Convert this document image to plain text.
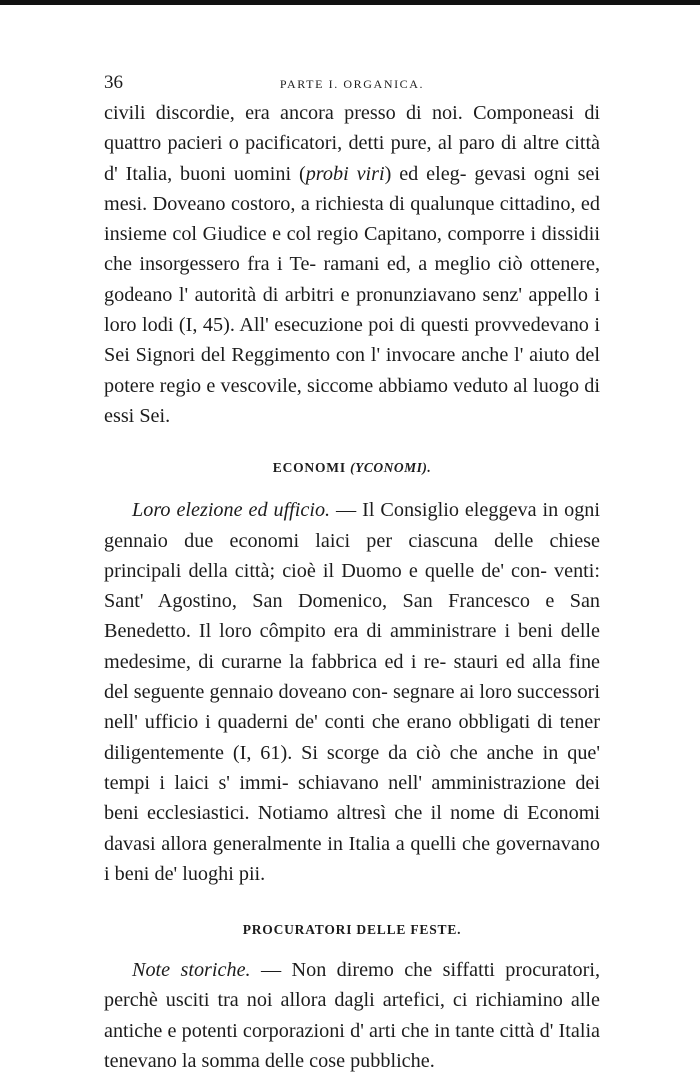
36	PARTE I. ORGANICA.

civili discordie, era ancora presso di noi. Componeasi di quattro pacieri o pacificatori, detti pure, al paro di altre città d' Italia, buoni uomini (probi viri) ed eleg- gevasi ogni sei mesi. Doveano costoro, a richiesta di qualunque cittadino, ed insieme col Giudice e col regio Capitano, comporre i dissidii che insorgessero fra i Te- ramani ed, a meglio ciò ottenere, godeano l' autorità di arbitri e pronunziavano senz' appello i loro lodi (I, 45). All' esecuzione poi di questi provvedevano i Sei Signori del Reggimento con l' invocare anche l' aiuto del potere regio e vescovile, siccome abbiamo veduto al luogo di essi Sei.

ECONOMI (YCONOMI).

Loro elezione ed ufficio. — Il Consiglio eleggeva in ogni gennaio due economi laici per ciascuna delle chiese principali della città; cioè il Duomo e quelle de' con- venti: Sant' Agostino, San Domenico, San Francesco e San Benedetto. Il loro cômpito era di amministrare i beni delle medesime, di curarne la fabbrica ed i re- stauri ed alla fine del seguente gennaio doveano con- segnare ai loro successori nell' ufficio i quaderni de' conti che erano obbligati di tener diligentemente (I, 61). Si scorge da ciò che anche in que' tempi i laici s' immi- schiavano nell' amministrazione dei beni ecclesiastici. Notiamo altresì che il nome di Economi davasi allora generalmente in Italia a quelli che governavano i beni de' luoghi pii.

PROCURATORI DELLE FESTE.

Note storiche. — Non diremo che siffatti procuratori, perchè usciti tra noi allora dagli artefici, ci richiamino alle antiche e potenti corporazioni d' arti che in tante città d' Italia tenevano la somma delle cose pubbliche.
